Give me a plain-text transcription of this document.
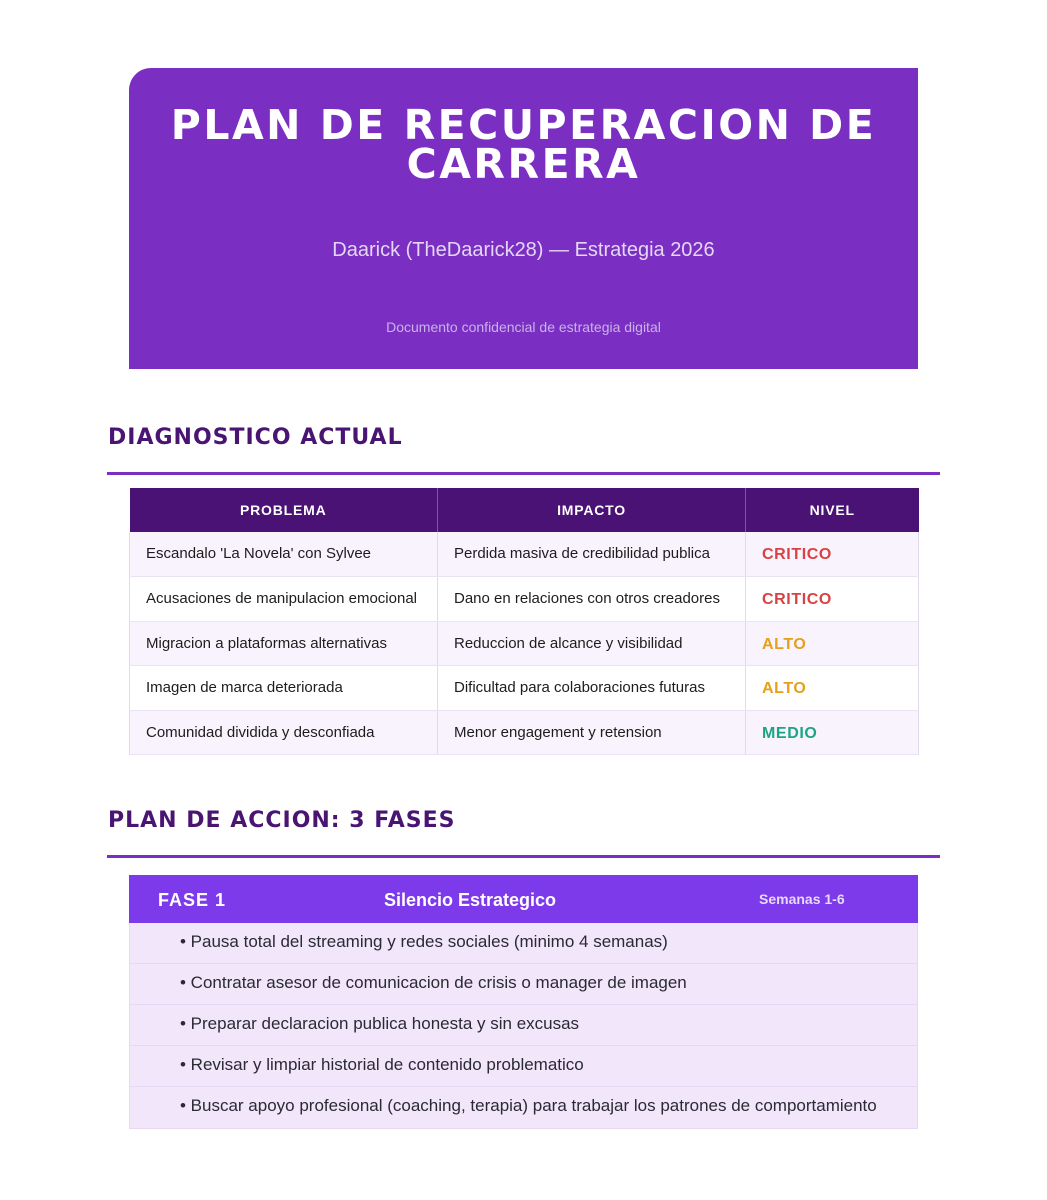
PLAN DE RECUPERACION DE CARRERA
Daarick (TheDaarick28) — Estrategia 2026
Documento confidencial de estrategia digital
DIAGNOSTICO ACTUAL
PROBLEMA	IMPACTO	NIVEL
Escandalo 'La Novela' con Sylvee	Perdida masiva de credibilidad publica	CRITICO
Acusaciones de manipulacion emocional	Dano en relaciones con otros creadores	CRITICO
Migracion a plataformas alternativas	Reduccion de alcance y visibilidad	ALTO
Imagen de marca deteriorada	Dificultad para colaboraciones futuras	ALTO
Comunidad dividida y desconfiada	Menor engagement y retension	MEDIO
PLAN DE ACCION: 3 FASES
FASE 1	Silencio Estrategico	Semanas 1-6
• Pausa total del streaming y redes sociales (minimo 4 semanas)
• Contratar asesor de comunicacion de crisis o manager de imagen
• Preparar declaracion publica honesta y sin excusas
• Revisar y limpiar historial de contenido problematico
• Buscar apoyo profesional (coaching, terapia) para trabajar los patrones de comportamiento
